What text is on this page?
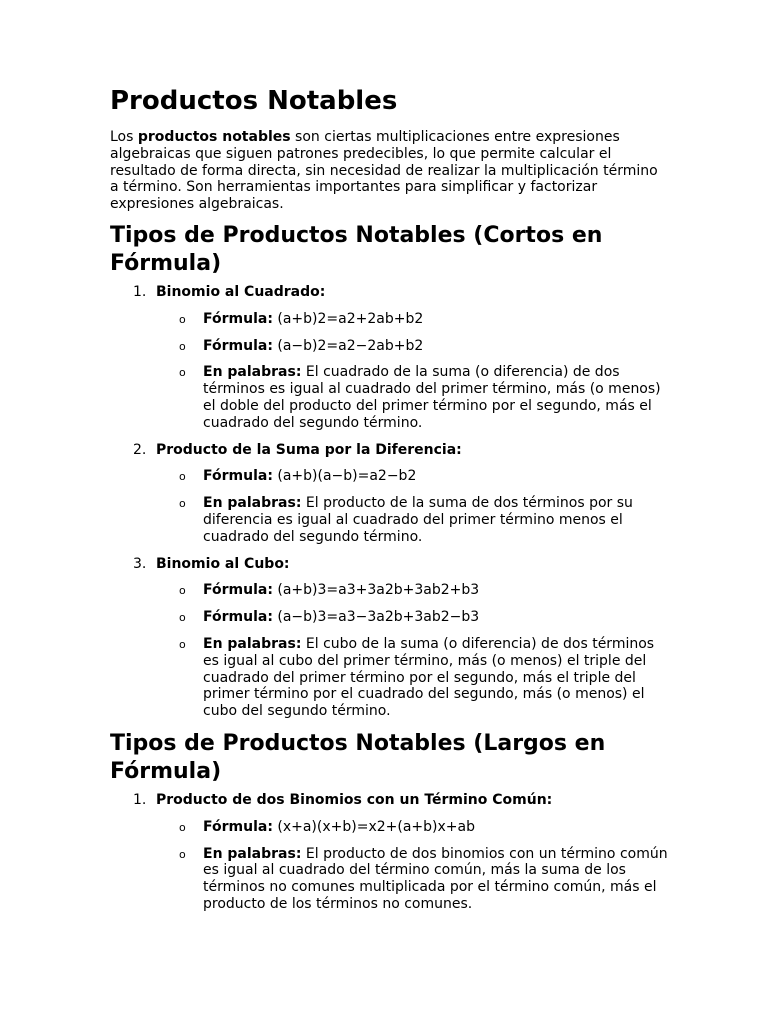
Productos Notables

Los productos notables son ciertas multiplicaciones entre expresiones algebraicas que siguen patrones predecibles, lo que permite calcular el resultado de forma directa, sin necesidad de realizar la multiplicación término a término. Son herramientas importantes para simplificar y factorizar expresiones algebraicas.

Tipos de Productos Notables (Cortos en Fórmula)
1. Binomio al Cuadrado:
o Fórmula: (a+b)2=a2+2ab+b2
o Fórmula: (a−b)2=a2−2ab+b2
o En palabras: El cuadrado de la suma (o diferencia) de dos términos es igual al cuadrado del primer término, más (o menos) el doble del producto del primer término por el segundo, más el cuadrado del segundo término.
2. Producto de la Suma por la Diferencia:
o Fórmula: (a+b)(a−b)=a2−b2
o En palabras: El producto de la suma de dos términos por su diferencia es igual al cuadrado del primer término menos el cuadrado del segundo término.
3. Binomio al Cubo:
o Fórmula: (a+b)3=a3+3a2b+3ab2+b3
o Fórmula: (a−b)3=a3−3a2b+3ab2−b3
o En palabras: El cubo de la suma (o diferencia) de dos términos es igual al cubo del primer término, más (o menos) el triple del cuadrado del primer término por el segundo, más el triple del primer término por el cuadrado del segundo, más (o menos) el cubo del segundo término.
Tipos de Productos Notables (Largos en Fórmula)
1. Producto de dos Binomios con un Término Común:
o Fórmula: (x+a)(x+b)=x2+(a+b)x+ab
o En palabras: El producto de dos binomios con un término común es igual al cuadrado del término común, más la suma de los términos no comunes multiplicada por el término común, más el producto de los términos no comunes.
